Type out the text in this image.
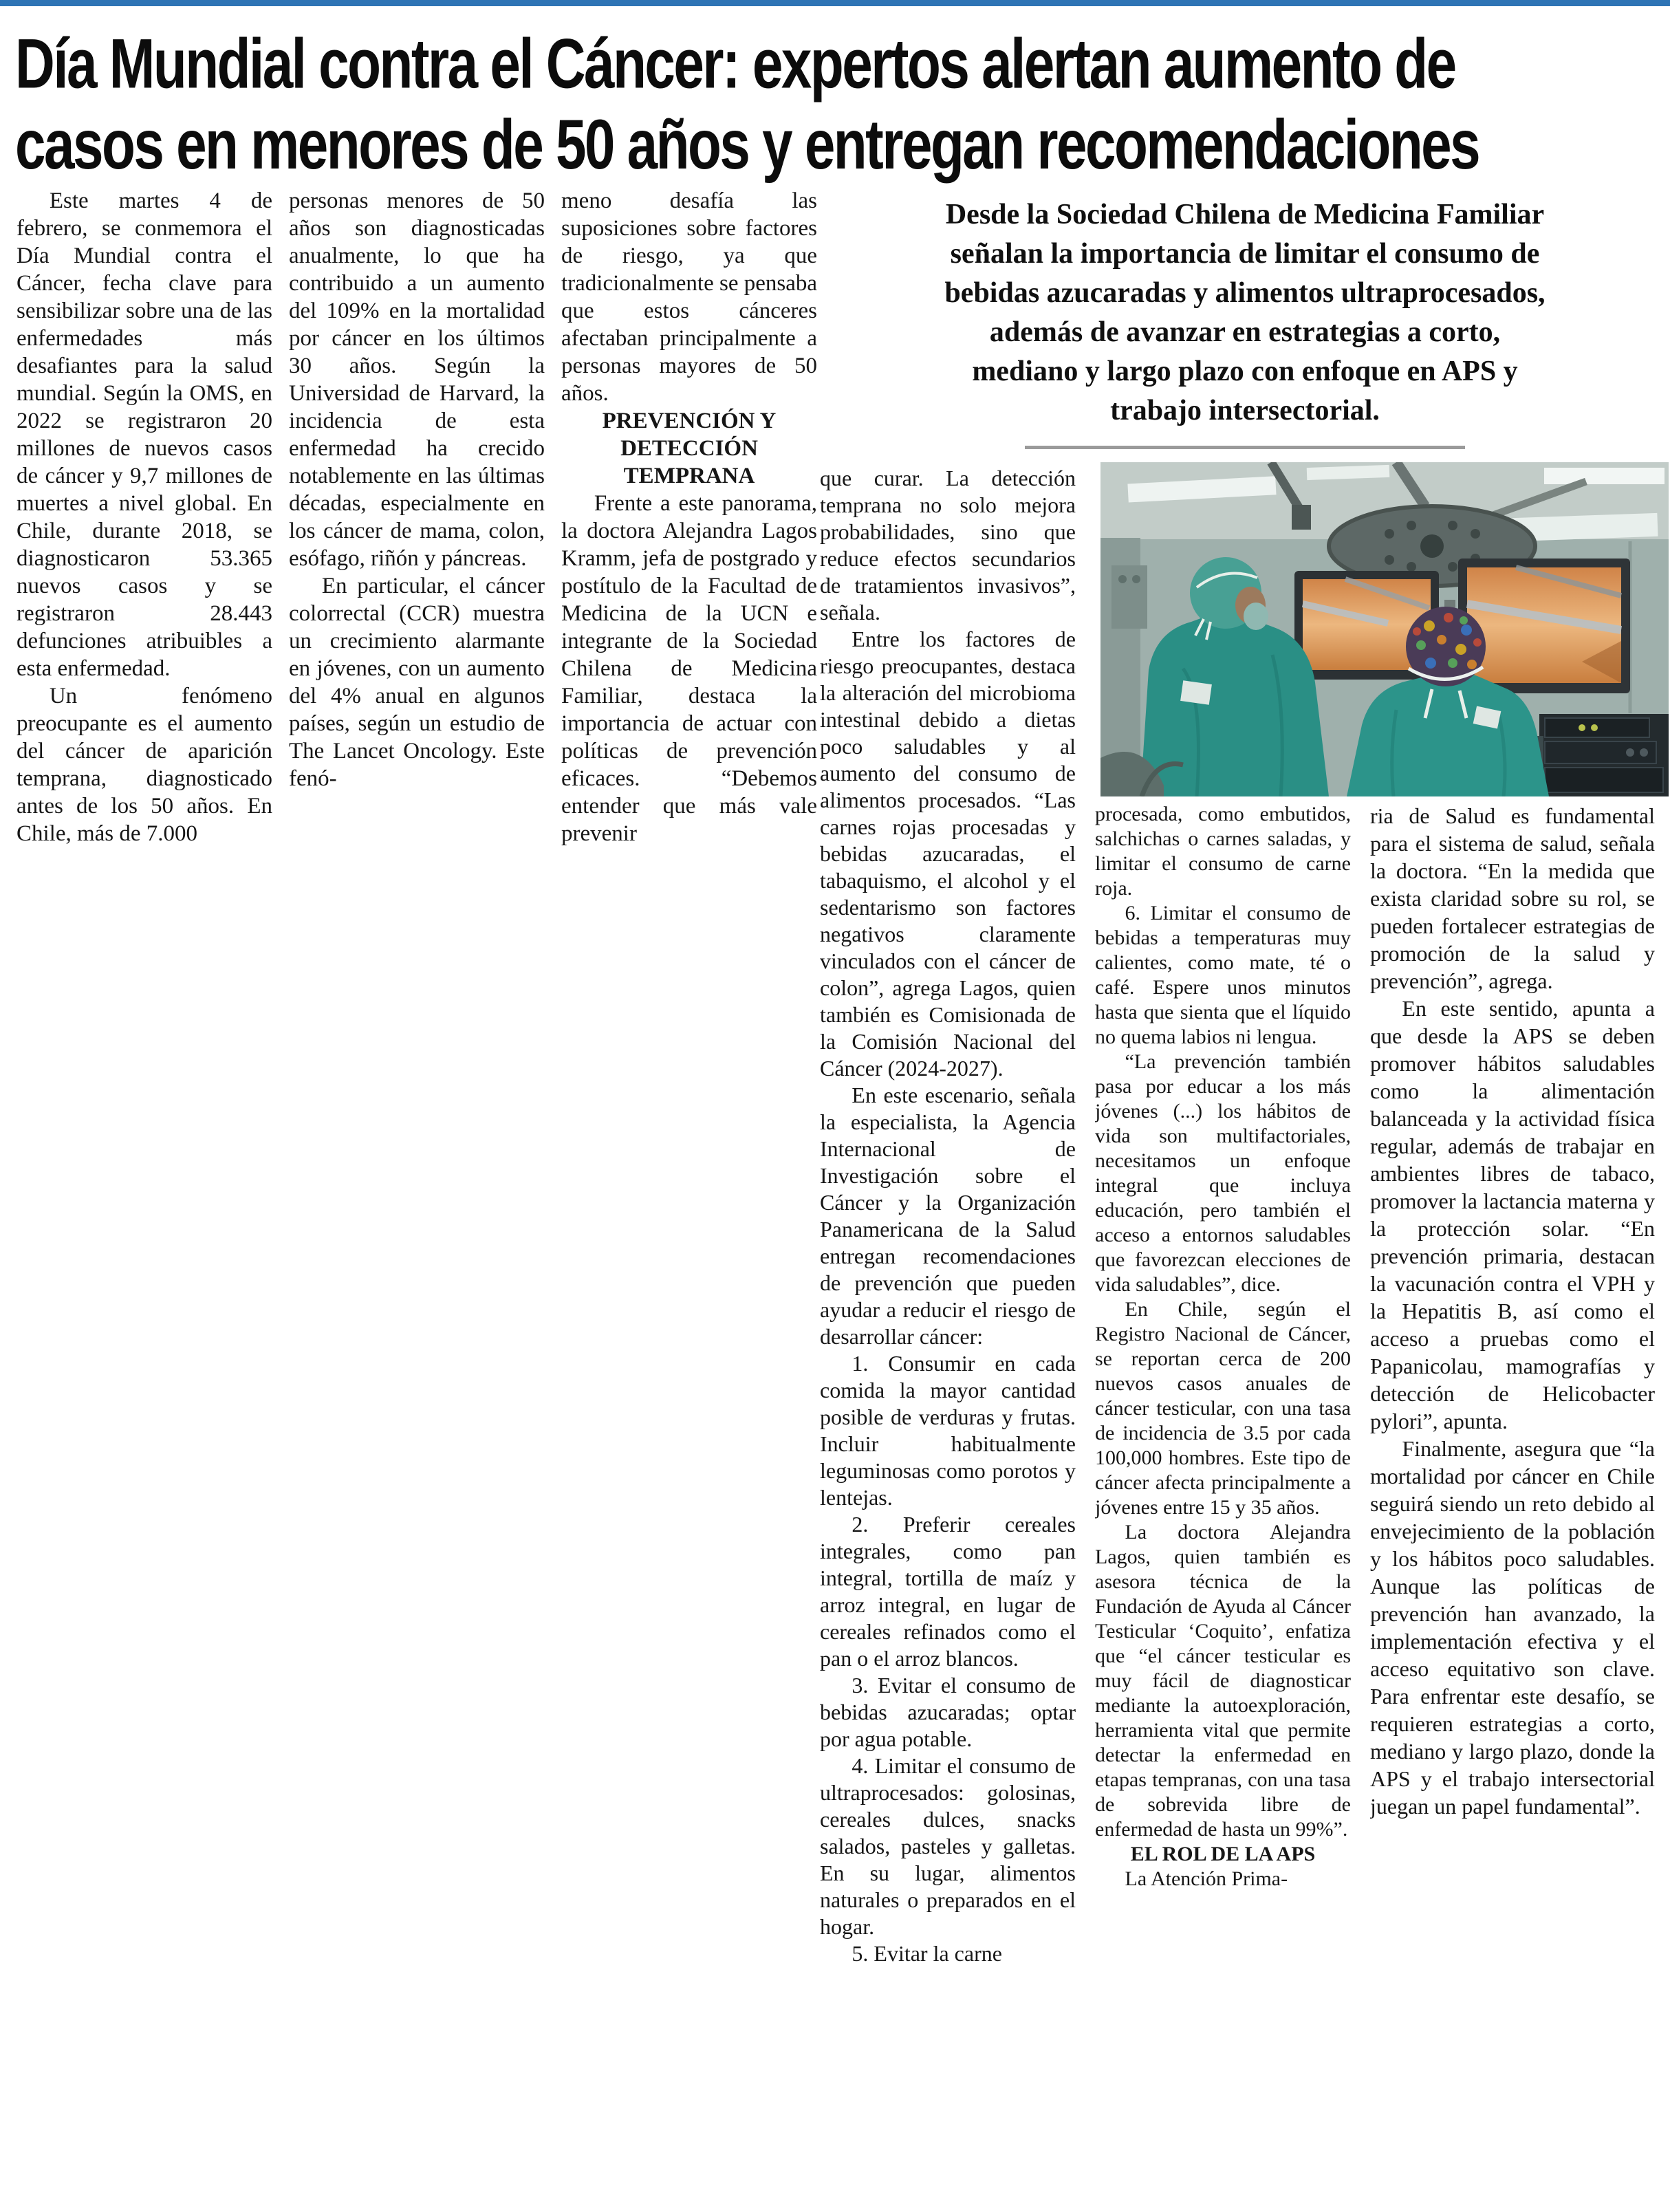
Día Mundial contra el Cáncer: expertos alertan aumento de
casos en menores de 50 años y entregan recomendaciones

Este martes 4 de febrero, se conmemora el Día Mundial contra el Cáncer, fecha clave para sensibilizar sobre una de las enfermedades más desafiantes para la salud mundial. Según la OMS, en 2022 se registraron 20 millones de nuevos casos de cáncer y 9,7 millones de muertes a nivel global. En Chile, durante 2018, se diagnosticaron 53.365 nuevos casos y se registraron 28.443 defunciones atribuibles a esta enfermedad.

Un fenómeno preocupante es el aumento del cáncer de aparición temprana, diagnosticado antes de los 50 años. En Chile, más de 7.000

personas menores de 50 años son diagnosticadas anualmente, lo que ha contribuido a un aumento del 109% en la mortalidad por cáncer en los últimos 30 años. Según la Universidad de Harvard, la incidencia de esta enfermedad ha crecido notablemente en las últimas décadas, especialmente en los cáncer de mama, colon, esófago, riñón y páncreas.

En particular, el cáncer colorrectal (CCR) muestra un crecimiento alarmante en jóvenes, con un aumento del 4% anual en algunos países, según un estudio de The Lancet Oncology. Este fenó-

meno desafía las suposiciones sobre factores de riesgo, ya que tradicionalmente se pensaba que estos cánceres afectaban principalmente a personas mayores de 50 años.

PREVENCIÓN Y DETECCIÓN TEMPRANA

Frente a este panorama, la doctora Alejandra Lagos Kramm, jefa de postgrado y postítulo de la Facultad de Medicina de la UCN e integrante de la Sociedad Chilena de Medicina Familiar, destaca la importancia de actuar con políticas de prevención eficaces. “Debemos entender que más vale prevenir

Desde la Sociedad Chilena de Medicina Familiar
señalan la importancia de limitar el consumo de
bebidas azucaradas y alimentos ultraprocesados,
además de avanzar en estrategias a corto,
mediano y largo plazo con enfoque en APS y
trabajo intersectorial.

que curar. La detección temprana no solo mejora probabilidades, sino que reduce efectos secundarios de tratamientos invasivos”, señala.

Entre los factores de riesgo preocupantes, destaca la alteración del microbioma intestinal debido a dietas poco saludables y al aumento del consumo de alimentos procesados. “Las carnes rojas procesadas y bebidas azucaradas, el tabaquismo, el alcohol y el sedentarismo son factores negativos claramente vinculados con el cáncer de colon”, agrega Lagos, quien también es Comisionada de la Comisión Nacional del Cáncer (2024-2027).

En este escenario, señala la especialista, la Agencia Internacional de Investigación sobre el Cáncer y la Organización Panamericana de la Salud entregan recomendaciones de prevención que pueden ayudar a reducir el riesgo de desarrollar cáncer:

1. Consumir en cada comida la mayor cantidad posible de verduras y frutas. Incluir habitualmente leguminosas como porotos y lentejas.

2. Preferir cereales integrales, como pan integral, tortilla de maíz y arroz integral, en lugar de cereales refinados como el pan o el arroz blancos.

3. Evitar el consumo de bebidas azucaradas; optar por agua potable.

4. Limitar el consumo de ultraprocesados: golosinas, cereales dulces, snacks salados, pasteles y galletas. En su lugar, alimentos naturales o preparados en el hogar.

5. Evitar la carne

procesada, como embutidos, salchichas o carnes saladas, y limitar el consumo de carne roja.

6. Limitar el consumo de bebidas a temperaturas muy calientes, como mate, té o café. Espere unos minutos hasta que sienta que el líquido no quema labios ni lengua.

“La prevención también pasa por educar a los más jóvenes (...) los hábitos de vida son multifactoriales, necesitamos un enfoque integral que incluya educación, pero también el acceso a entornos saludables que favorezcan elecciones de vida saludables”, dice.

En Chile, según el Registro Nacional de Cáncer, se reportan cerca de 200 nuevos casos anuales de cáncer testicular, con una tasa de incidencia de 3.5 por cada 100,000 hombres. Este tipo de cáncer afecta principalmente a jóvenes entre 15 y 35 años.

La doctora Alejandra Lagos, quien también es asesora técnica de la Fundación de Ayuda al Cáncer Testicular ‘Coquito’, enfatiza que “el cáncer testicular es muy fácil de diagnosticar mediante la autoexploración, herramienta vital que permite detectar la enfermedad en etapas tempranas, con una tasa de sobrevida libre de enfermedad de hasta un 99%”.

EL ROL DE LA APS

La Atención Prima-

ria de Salud es fundamental para el sistema de salud, señala la doctora. “En la medida que exista claridad sobre su rol, se pueden fortalecer estrategias de promoción de la salud y prevención”, agrega.

En este sentido, apunta a que desde la APS se deben promover hábitos saludables como la alimentación balanceada y la actividad física regular, además de trabajar en ambientes libres de tabaco, promover la lactancia materna y la protección solar. “En prevención primaria, destacan la vacunación contra el VPH y la Hepatitis B, así como el acceso a pruebas como el Papanicolau, mamografías y detección de Helicobacter pylori”, apunta.

Finalmente, asegura que “la mortalidad por cáncer en Chile seguirá siendo un reto debido al envejecimiento de la población y los hábitos poco saludables. Aunque las políticas de prevención han avanzado, la implementación efectiva y el acceso equitativo son clave. Para enfrentar este desafío, se requieren estrategias a corto, mediano y largo plazo, donde la APS y el trabajo intersectorial juegan un papel fundamental”.
